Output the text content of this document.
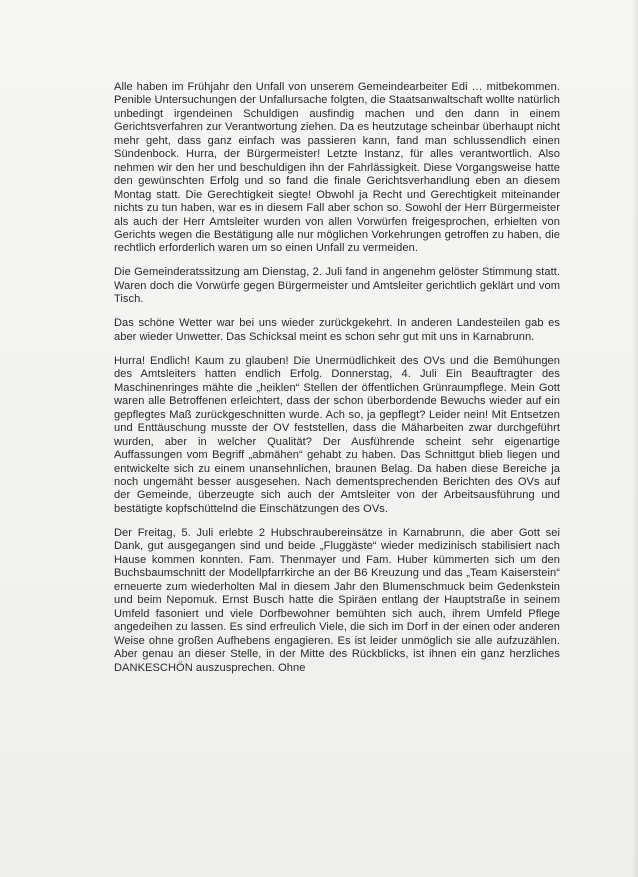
Alle haben im Frühjahr den Unfall von unserem Gemeindearbeiter Edi … mitbekommen. Penible Untersuchungen der Unfallursache folgten, die Staatsanwaltschaft wollte natürlich unbedingt irgendeinen Schuldigen ausfindig machen und den dann in einem Gerichtsverfahren zur Verantwortung ziehen. Da es heutzutage scheinbar überhaupt nicht mehr geht, dass ganz einfach was passieren kann, fand man schlussendlich einen Sündenbock. Hurra, der Bürgermeister! Letzte Instanz, für alles verantwortlich. Also nehmen wir den her und beschuldigen ihn der Fahrlässigkeit. Diese Vorgangsweise hatte den gewünschten Erfolg und so fand die finale Gerichtsverhandlung eben an diesem Montag statt. Die Gerechtigkeit siegte! Obwohl ja Recht und Gerechtigkeit miteinander nichts zu tun haben, war es in diesem Fall aber schon so. Sowohl der Herr Bürgermeister als auch der Herr Amtsleiter wurden von allen Vorwürfen freigesprochen, erhielten von Gerichts wegen die Bestätigung alle nur möglichen Vorkehrungen getroffen zu haben, die rechtlich erforderlich waren um so einen Unfall zu vermeiden.

Die Gemeinderatssitzung am Dienstag, 2. Juli fand in angenehm gelöster Stimmung statt. Waren doch die Vorwürfe gegen Bürgermeister und Amtsleiter gerichtlich geklärt und vom Tisch.

Das schöne Wetter war bei uns wieder zurückgekehrt. In anderen Landesteilen gab es aber wieder Unwetter. Das Schicksal meint es schon sehr gut mit uns in Karnabrunn.

Hurra! Endlich! Kaum zu glauben! Die Unermüdlichkeit des OVs und die Bemühungen des Amtsleiters hatten endlich Erfolg. Donnerstag, 4. Juli Ein Beauftragter des Maschinenringes mähte die „heiklen“ Stellen der öffentlichen Grünraumpflege. Mein Gott waren alle Betroffenen erleichtert, dass der schon überbordende Bewuchs wieder auf ein gepflegtes Maß zurückgeschnitten wurde. Ach so, ja gepflegt? Leider nein! Mit Entsetzen und Enttäuschung musste der OV feststellen, dass die Mäharbeiten zwar durchgeführt wurden, aber in welcher Qualität? Der Ausführende scheint sehr eigenartige Auffassungen vom Begriff „abmähen“ gehabt zu haben. Das Schnittgut blieb liegen und entwickelte sich zu einem unansehnlichen, braunen Belag. Da haben diese Bereiche ja noch ungemäht besser ausgesehen. Nach dementsprechenden Berichten des OVs auf der Gemeinde, überzeugte sich auch der Amtsleiter von der Arbeitsausführung und bestätigte kopfschüttelnd die Einschätzungen des OVs.

Der Freitag, 5. Juli erlebte 2 Hubschraubereinsätze in Karnabrunn, die aber Gott sei Dank, gut ausgegangen sind und beide „Fluggäste“ wieder medizinisch stabilisiert nach Hause kommen konnten. Fam. Thenmayer und Fam. Huber kümmerten sich um den Buchsbaumschnitt der Modellpfarrkirche an der B6 Kreuzung und das „Team Kaiserstein“ erneuerte zum wiederholten Mal in diesem Jahr den Blumenschmuck beim Gedenkstein und beim Nepomuk. Ernst Busch hatte die Spiräen entlang der Hauptstraße in seinem Umfeld fasoniert und viele Dorfbewohner bemühten sich auch, ihrem Umfeld Pflege angedeihen zu lassen. Es sind erfreulich Viele, die sich im Dorf in der einen oder anderen Weise ohne großen Aufhebens engagieren. Es ist leider unmöglich sie alle aufzuzählen. Aber genau an dieser Stelle, in der Mitte des Rückblicks, ist ihnen ein ganz herzliches DANKESCHÖN auszusprechen. Ohne
